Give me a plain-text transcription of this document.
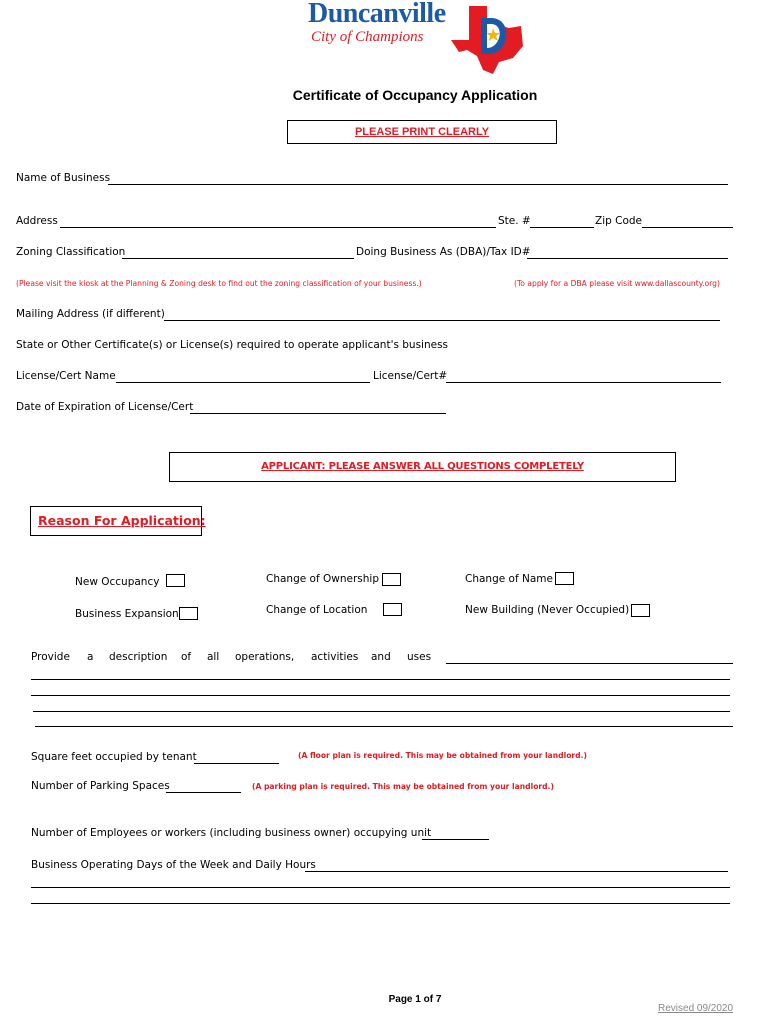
Duncanville
City of Champions
Certificate of Occupancy Application
PLEASE PRINT CLEARLY
Name of Business
Address	Ste. #	Zip Code
Zoning Classification	Doing Business As (DBA)/Tax ID#
(Please visit the kiosk at the Planning & Zoning desk to find out the zoning classification of your business.)	(To apply for a DBA please visit www.dallascounty.org)
Mailing Address (if different)
State or Other Certificate(s) or License(s) required to operate applicant's business
License/Cert Name	License/Cert#
Date of Expiration of License/Cert
APPLICANT: PLEASE ANSWER ALL QUESTIONS COMPLETELY
Reason For Application:
New Occupancy	Change of Ownership	Change of Name
Business Expansion	Change of Location	New Building (Never Occupied)
Provide a description of all operations, activities and uses
Square feet occupied by tenant	(A floor plan is required. This may be obtained from your landlord.)
Number of Parking Spaces	(A parking plan is required. This may be obtained from your landlord.)
Number of Employees or workers (including business owner) occupying unit
Business Operating Days of the Week and Daily Hours
Page 1 of 7
Revised 09/2020
